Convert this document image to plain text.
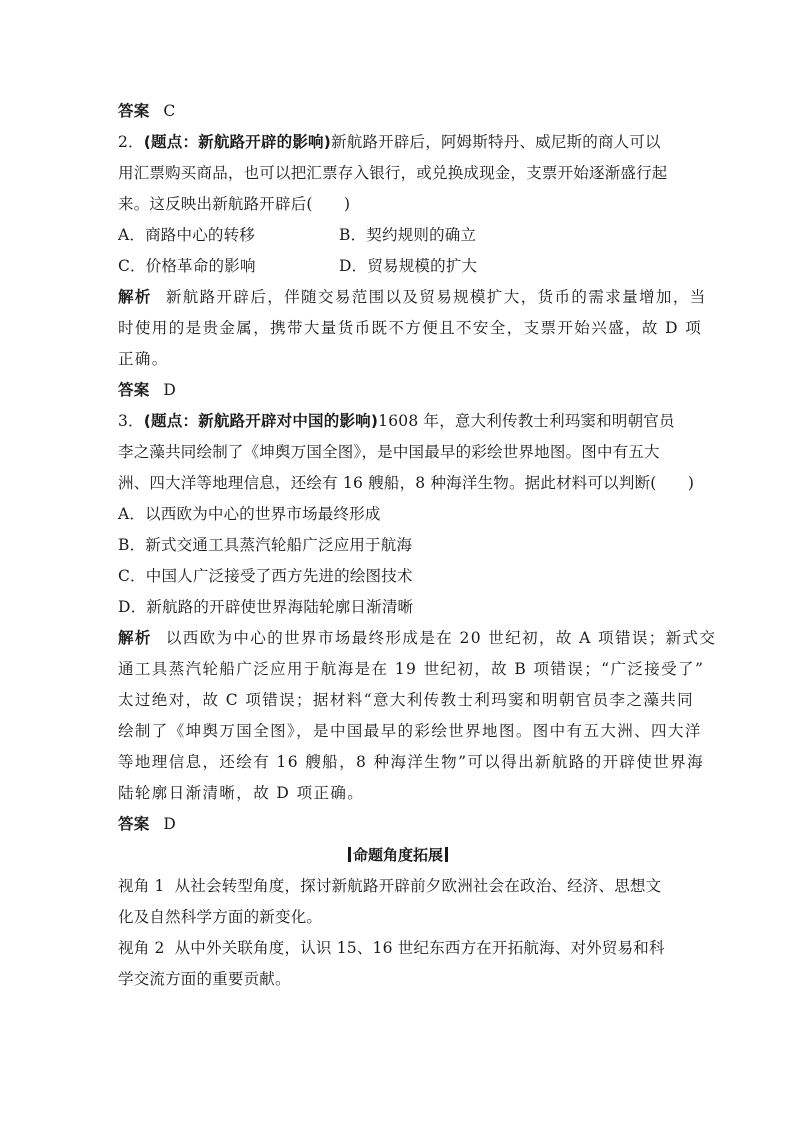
答案 C
2．(题点：新航路开辟的影响)新航路开辟后，阿姆斯特丹、威尼斯的商人可以
用汇票购买商品，也可以把汇票存入银行，或兑换成现金，支票开始逐渐盛行起
来。这反映出新航路开辟后(　　)
A．商路中心的转移	B．契约规则的确立
C．价格革命的影响	D．贸易规模的扩大
解析 新航路开辟后，伴随交易范围以及贸易规模扩大，货币的需求量增加，当
时使用的是贵金属，携带大量货币既不方便且不安全，支票开始兴盛，故 D 项
正确。
答案 D
3．(题点：新航路开辟对中国的影响)1608 年，意大利传教士利玛窦和明朝官员
李之藻共同绘制了《坤舆万国全图》，是中国最早的彩绘世界地图。图中有五大
洲、四大洋等地理信息，还绘有 16 艘船，8 种海洋生物。据此材料可以判断(　　)
A．以西欧为中心的世界市场最终形成
B．新式交通工具蒸汽轮船广泛应用于航海
C．中国人广泛接受了西方先进的绘图技术
D．新航路的开辟使世界海陆轮廓日渐清晰
解析 以西欧为中心的世界市场最终形成是在 20 世纪初，故 A 项错误；新式交
通工具蒸汽轮船广泛应用于航海是在 19 世纪初，故 B 项错误；“广泛接受了”
太过绝对，故 C 项错误；据材料“意大利传教士利玛窦和明朝官员李之藻共同
绘制了《坤舆万国全图》，是中国最早的彩绘世界地图。图中有五大洲、四大洋
等地理信息，还绘有 16 艘船，8 种海洋生物”可以得出新航路的开辟使世界海
陆轮廓日渐清晰，故 D 项正确。
答案 D
命题角度拓展
视角 1 从社会转型角度，探讨新航路开辟前夕欧洲社会在政治、经济、思想文
化及自然科学方面的新变化。
视角 2 从中外关联角度，认识 15、16 世纪东西方在开拓航海、对外贸易和科
学交流方面的重要贡献。
